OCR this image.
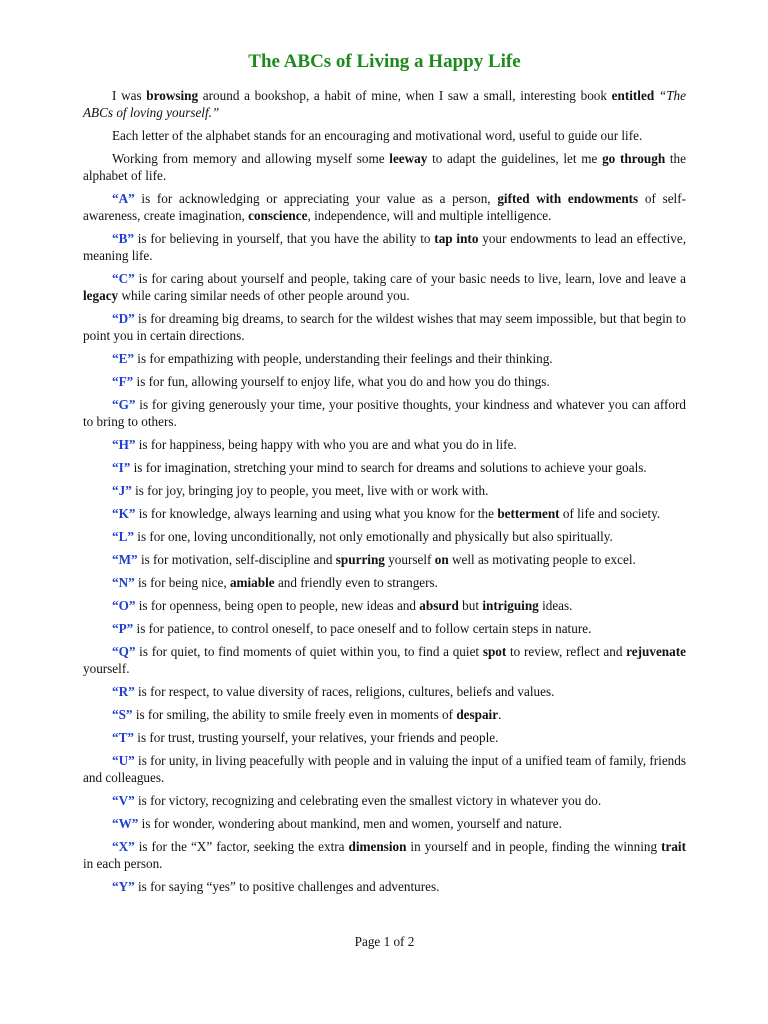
The ABCs of Living a Happy Life

I was browsing around a bookshop, a habit of mine, when I saw a small, interesting book entitled “The ABCs of loving yourself.”

Each letter of the alphabet stands for an encouraging and motivational word, useful to guide our life.

Working from memory and allowing myself some leeway to adapt the guidelines, let me go through the alphabet of life.

“A” is for acknowledging or appreciating your value as a person, gifted with endowments of self-awareness, create imagination, conscience, independence, will and multiple intelligence.

“B” is for believing in yourself, that you have the ability to tap into your endowments to lead an effective, meaning life.

“C” is for caring about yourself and people, taking care of your basic needs to live, learn, love and leave a legacy while caring similar needs of other people around you.

“D” is for dreaming big dreams, to search for the wildest wishes that may seem impossible, but that begin to point you in certain directions.

“E” is for empathizing with people, understanding their feelings and their thinking.

“F” is for fun, allowing yourself to enjoy life, what you do and how you do things.

“G” is for giving generously your time, your positive thoughts, your kindness and whatever you can afford to bring to others.

“H” is for happiness, being happy with who you are and what you do in life.

“I” is for imagination, stretching your mind to search for dreams and solutions to achieve your goals.

“J” is for joy, bringing joy to people, you meet, live with or work with.

“K” is for knowledge, always learning and using what you know for the betterment of life and society.

“L” is for one, loving unconditionally, not only emotionally and physically but also spiritually.

“M” is for motivation, self-discipline and spurring yourself on well as motivating people to excel.

“N” is for being nice, amiable and friendly even to strangers.

“O” is for openness, being open to people, new ideas and absurd but intriguing ideas.

“P” is for patience, to control oneself, to pace oneself and to follow certain steps in nature.

“Q” is for quiet, to find moments of quiet within you, to find a quiet spot to review, reflect and rejuvenate yourself.

“R” is for respect, to value diversity of races, religions, cultures, beliefs and values.

“S” is for smiling, the ability to smile freely even in moments of despair.

“T” is for trust, trusting yourself, your relatives, your friends and people.

“U” is for unity, in living peacefully with people and in valuing the input of a unified team of family, friends and colleagues.

“V” is for victory, recognizing and celebrating even the smallest victory in whatever you do.

“W” is for wonder, wondering about mankind, men and women, yourself and nature.

“X” is for the “X” factor, seeking the extra dimension in yourself and in people, finding the winning trait in each person.

“Y” is for saying “yes” to positive challenges and adventures.

Page 1 of 2
